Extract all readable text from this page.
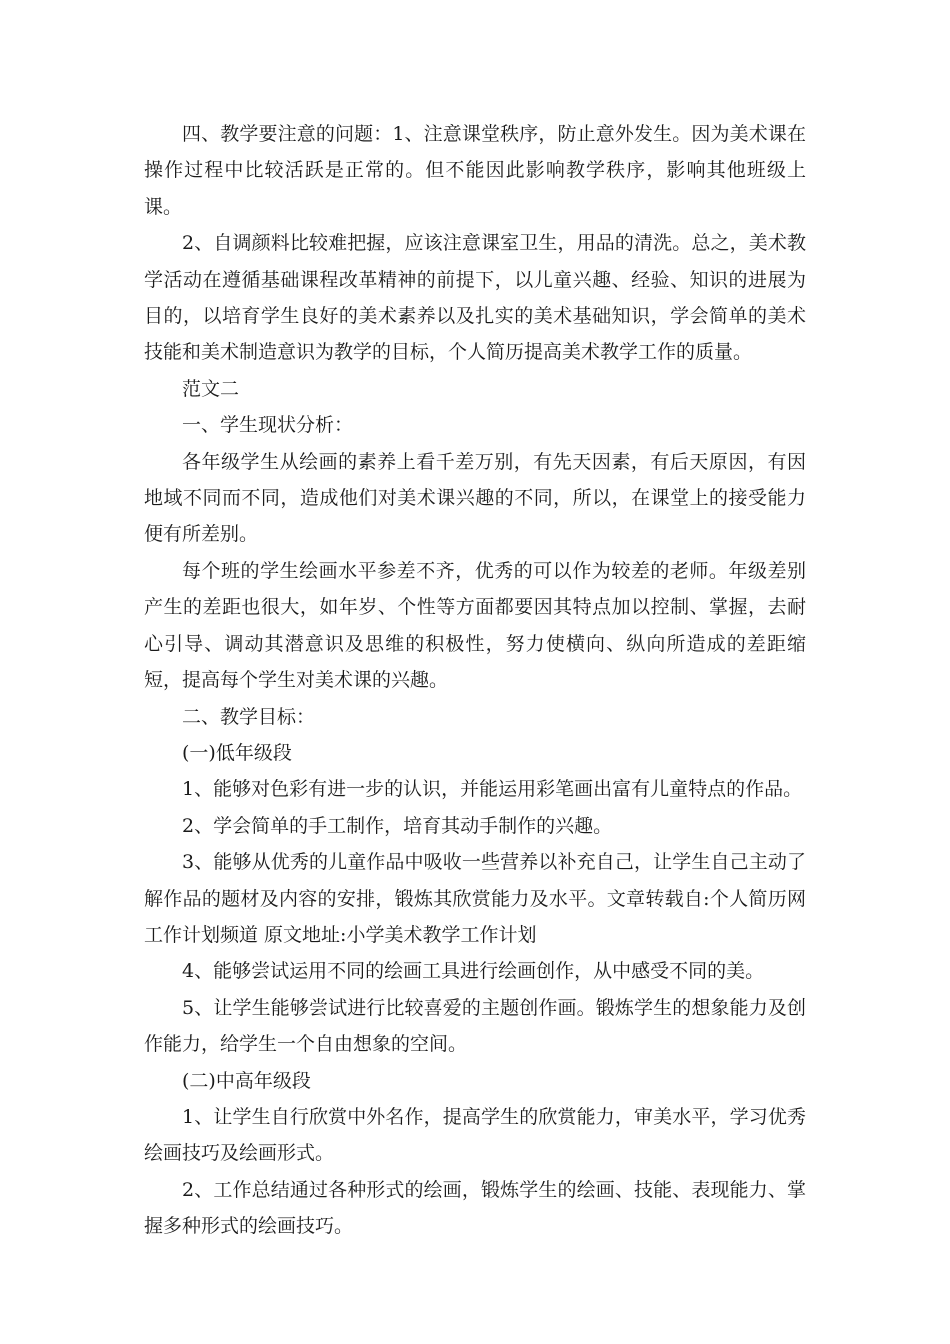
四、教学要注意的问题：1、注意课堂秩序，防止意外发生。因为美术课在操作过程中比较活跃是正常的。但不能因此影响教学秩序，影响其他班级上课。

2、自调颜料比较难把握，应该注意课室卫生，用品的清洗。总之，美术教学活动在遵循基础课程改革精神的前提下，以儿童兴趣、经验、知识的进展为目的，以培育学生良好的美术素养以及扎实的美术基础知识，学会简单的美术技能和美术制造意识为教学的目标，个人简历提高美术教学工作的质量。

范文二

一、学生现状分析：

各年级学生从绘画的素养上看千差万别，有先天因素，有后天原因，有因地域不同而不同，造成他们对美术课兴趣的不同，所以，在课堂上的接受能力便有所差别。

每个班的学生绘画水平参差不齐，优秀的可以作为较差的老师。年级差别产生的差距也很大，如年岁、个性等方面都要因其特点加以控制、掌握，去耐心引导、调动其潜意识及思维的积极性，努力使横向、纵向所造成的差距缩短，提高每个学生对美术课的兴趣。

二、教学目标：

(一)低年级段

1、能够对色彩有进一步的认识，并能运用彩笔画出富有儿童特点的作品。

2、学会简单的手工制作，培育其动手制作的兴趣。

3、能够从优秀的儿童作品中吸收一些营养以补充自己，让学生自己主动了解作品的题材及内容的安排，锻炼其欣赏能力及水平。文章转载自:个人简历网 工作计划频道 原文地址:小学美术教学工作计划

4、能够尝试运用不同的绘画工具进行绘画创作，从中感受不同的美。

5、让学生能够尝试进行比较喜爱的主题创作画。锻炼学生的想象能力及创作能力，给学生一个自由想象的空间。

(二)中高年级段

1、让学生自行欣赏中外名作，提高学生的欣赏能力，审美水平，学习优秀绘画技巧及绘画形式。

2、工作总结通过各种形式的绘画，锻炼学生的绘画、技能、表现能力、掌握多种形式的绘画技巧。
